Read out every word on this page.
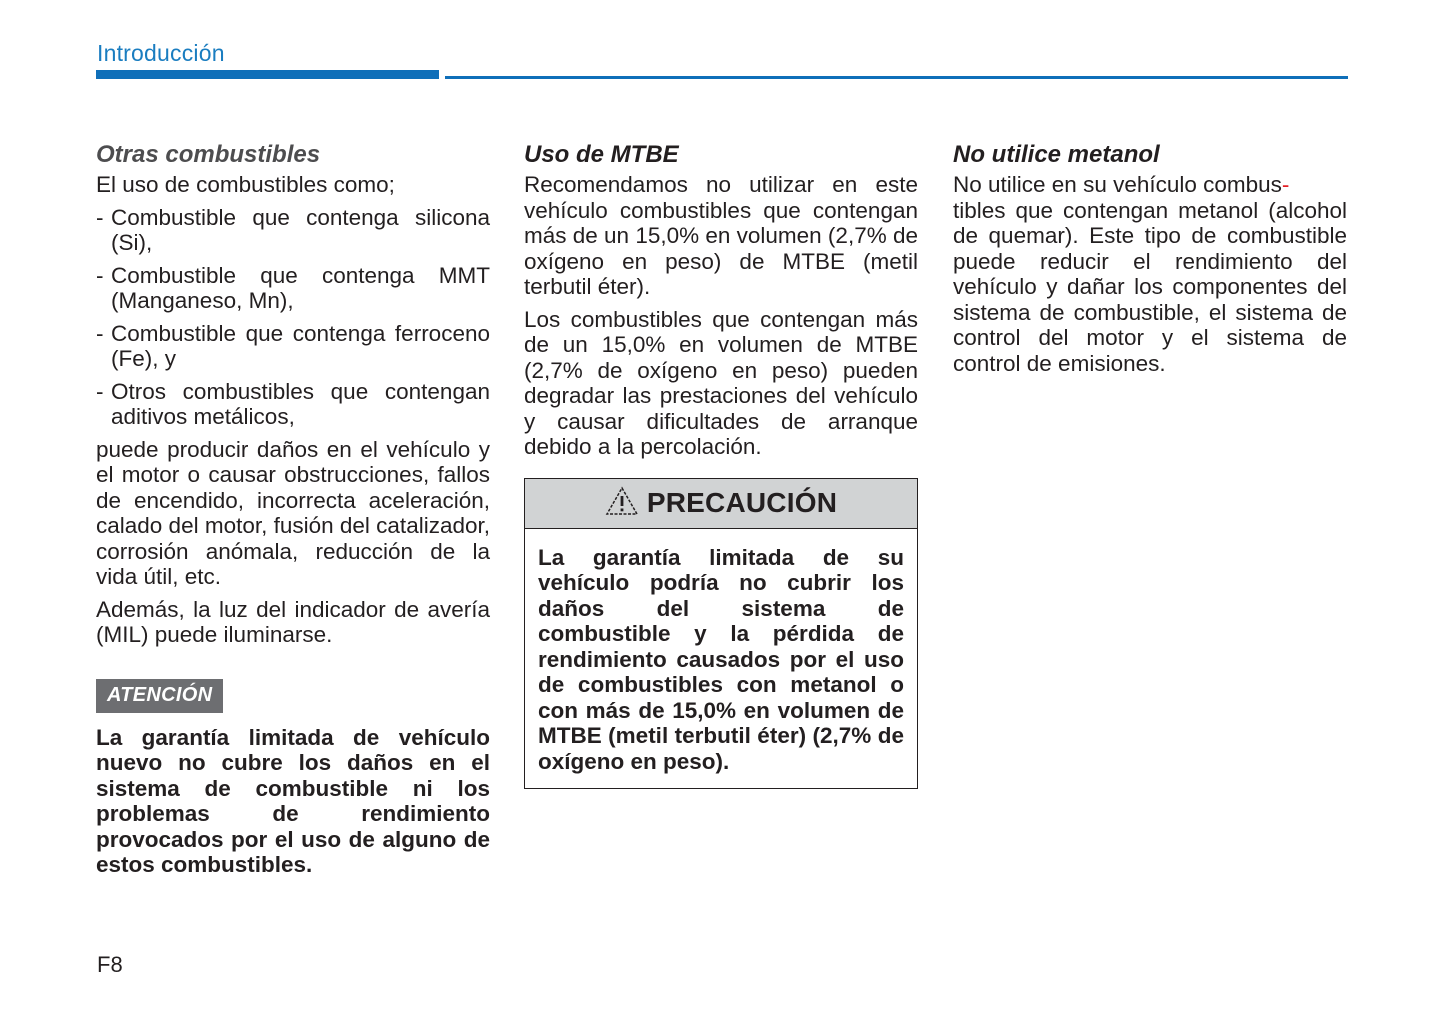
Introducción
Otras combustibles

El uso de combustibles como;

- Combustible que contenga silicona (Si),
- Combustible que contenga MMT (Manganeso, Mn),
- Combustible que contenga ferroceno (Fe), y
- Otros combustibles que contengan aditivos metálicos,

puede producir daños en el vehículo y el motor o causar obstrucciones, fallos de encendido, incorrecta aceleración, calado del motor, fusión del catalizador, corrosión anómala, reducción de la vida útil, etc.

Además, la luz del indicador de avería (MIL) puede iluminarse.

ATENCIÓN

La garantía limitada de vehículo nuevo no cubre los daños en el sistema de combustible ni los problemas de rendimiento provocados por el uso de alguno de estos combustibles.

Uso de MTBE

Recomendamos no utilizar en este vehículo combustibles que contengan más de un 15,0% en volumen (2,7% de oxígeno en peso) de MTBE (metil terbutil éter).

Los combustibles que contengan más de un 15,0% en volumen de MTBE (2,7% de oxígeno en peso) pueden degradar las prestaciones del vehículo y causar dificultades de arranque debido a la percolación.

PRECAUCIÓN

La garantía limitada de su vehículo podría no cubrir los daños del sistema de combustible y la pérdida de rendimiento causados por el uso de combustibles con metanol o con más de 15,0% en volumen de MTBE (metil terbutil éter) (2,7% de oxígeno en peso).

No utilice metanol

No utilice en su vehículo combus-
tibles que contengan metanol (alcohol de quemar). Este tipo de combustible puede reducir el rendimiento del vehículo y dañar los componentes del sistema de combustible, el sistema de control del motor y el sistema de control de emisiones.

F8
